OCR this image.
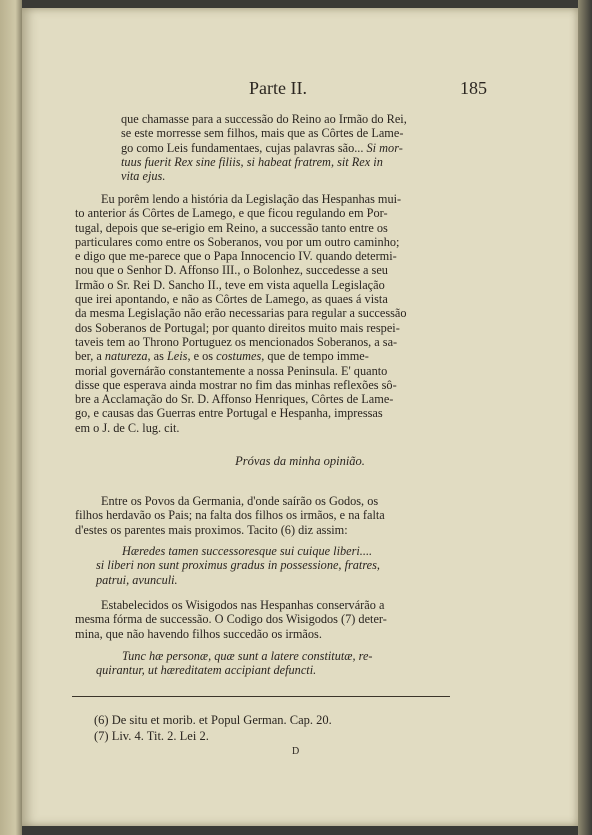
Parte II.	185

que chamasse para a successão do Reino ao Irmão do Rei,

se este morresse sem filhos, mais que as Côrtes de Lame-

go como Leis fundamentaes, cujas palavras são... Si mor-

tuus fuerit Rex sine filiis, si habeat fratrem, sit Rex in

vita ejus.

Eu porêm lendo a história da Legislação das Hespanhas mui-

to anterior ás Côrtes de Lamego, e que ficou regulando em Por-

tugal, depois que se-erigio em Reino, a successão tanto entre os

particulares como entre os Soberanos, vou por um outro caminho;

e digo que me-parece que o Papa Innocencio IV. quando determi-

nou que o Senhor D. Affonso III., o Bolonhez, succedesse a seu

Irmão o Sr. Rei D. Sancho II., teve em vista aquella Legislação

que irei apontando, e não as Côrtes de Lamego, as quaes á vista

da mesma Legislação não erão necessarias para regular a successão

dos Soberanos de Portugal; por quanto direitos muito mais respei-

taveis tem ao Throno Portuguez os mencionados Soberanos, a sa-

ber, a natureza, as Leis, e os costumes, que de tempo imme-

morial governárão constantemente a nossa Peninsula. E' quanto

disse que esperava ainda mostrar no fim das minhas reflexões sô-

bre a Acclamação do Sr. D. Affonso Henriques, Côrtes de Lame-

go, e causas das Guerras entre Portugal e Hespanha, impressas

em o J. de C. lug. cit.

Próvas da minha opinião.

Entre os Povos da Germania, d'onde saírão os Godos, os

filhos herdavão os Pais; na falta dos filhos os irmãos, e na falta

d'estes os parentes mais proximos. Tacito (6) diz assim:

Hæredes tamen successoresque sui cuique liberi....

si liberi non sunt proximus gradus in possessione, fratres,

patrui, avunculi.

Estabelecidos os Wisigodos nas Hespanhas conservárão a

mesma fórma de successão. O Codigo dos Wisigodos (7) deter-

mina, que não havendo filhos succedão os irmãos.

Tunc hæ personæ, quæ sunt a latere constitutæ, re-

quirantur, ut hæreditatem accipiant defuncti.

(6) De situ et morib. et Popul German. Cap. 20.
(7) Liv. 4. Tit. 2. Lei 2.
D
